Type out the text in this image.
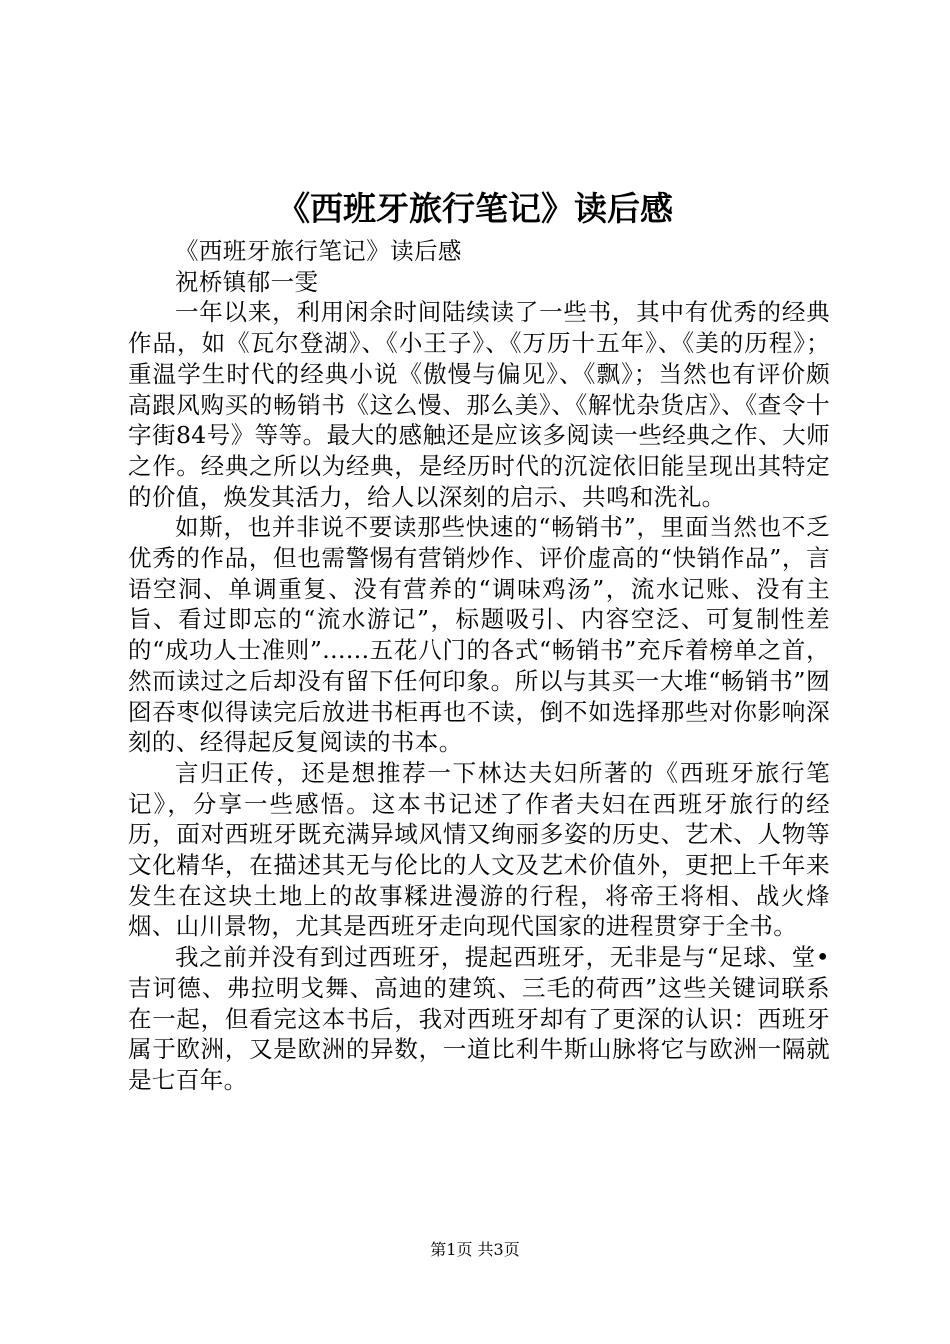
《西班牙旅行笔记》读后感

《西班牙旅行笔记》读后感

祝桥镇郁一雯

一年以来，利用闲余时间陆续读了一些书，其中有优秀的经典作品，如《瓦尔登湖》、《小王子》、《万历十五年》、《美的历程》；重温学生时代的经典小说《傲慢与偏见》、《飘》；当然也有评价颇高跟风购买的畅销书《这么慢、那么美》、《解忧杂货店》、《查令十字街84号》等等。最大的感触还是应该多阅读一些经典之作、大师之作。经典之所以为经典，是经历时代的沉淀依旧能呈现出其特定的价值，焕发其活力，给人以深刻的启示、共鸣和洗礼。

如斯，也并非说不要读那些快速的“畅销书”，里面当然也不乏优秀的作品，但也需警惕有营销炒作、评价虚高的“快销作品”，言语空洞、单调重复、没有营养的“调味鸡汤”，流水记账、没有主旨、看过即忘的“流水游记”，标题吸引、内容空泛、可复制性差的“成功人士准则”......五花八门的各式“畅销书”充斥着榜单之首，然而读过之后却没有留下任何印象。所以与其买一大堆“畅销书”囫囵吞枣似得读完后放进书柜再也不读，倒不如选择那些对你影响深刻的、经得起反复阅读的书本。

言归正传，还是想推荐一下林达夫妇所著的《西班牙旅行笔记》，分享一些感悟。这本书记述了作者夫妇在西班牙旅行的经历，面对西班牙既充满异域风情又绚丽多姿的历史、艺术、人物等文化精华，在描述其无与伦比的人文及艺术价值外，更把上千年来发生在这块土地上的故事糅进漫游的行程，将帝王将相、战火烽烟、山川景物，尤其是西班牙走向现代国家的进程贯穿于全书。

我之前并没有到过西班牙，提起西班牙，无非是与“足球、堂•吉诃德、弗拉明戈舞、高迪的建筑、三毛的荷西”这些关键词联系在一起，但看完这本书后，我对西班牙却有了更深的认识：西班牙属于欧洲，又是欧洲的异数，一道比利牛斯山脉将它与欧洲一隔就是七百年。

第1页 共3页
